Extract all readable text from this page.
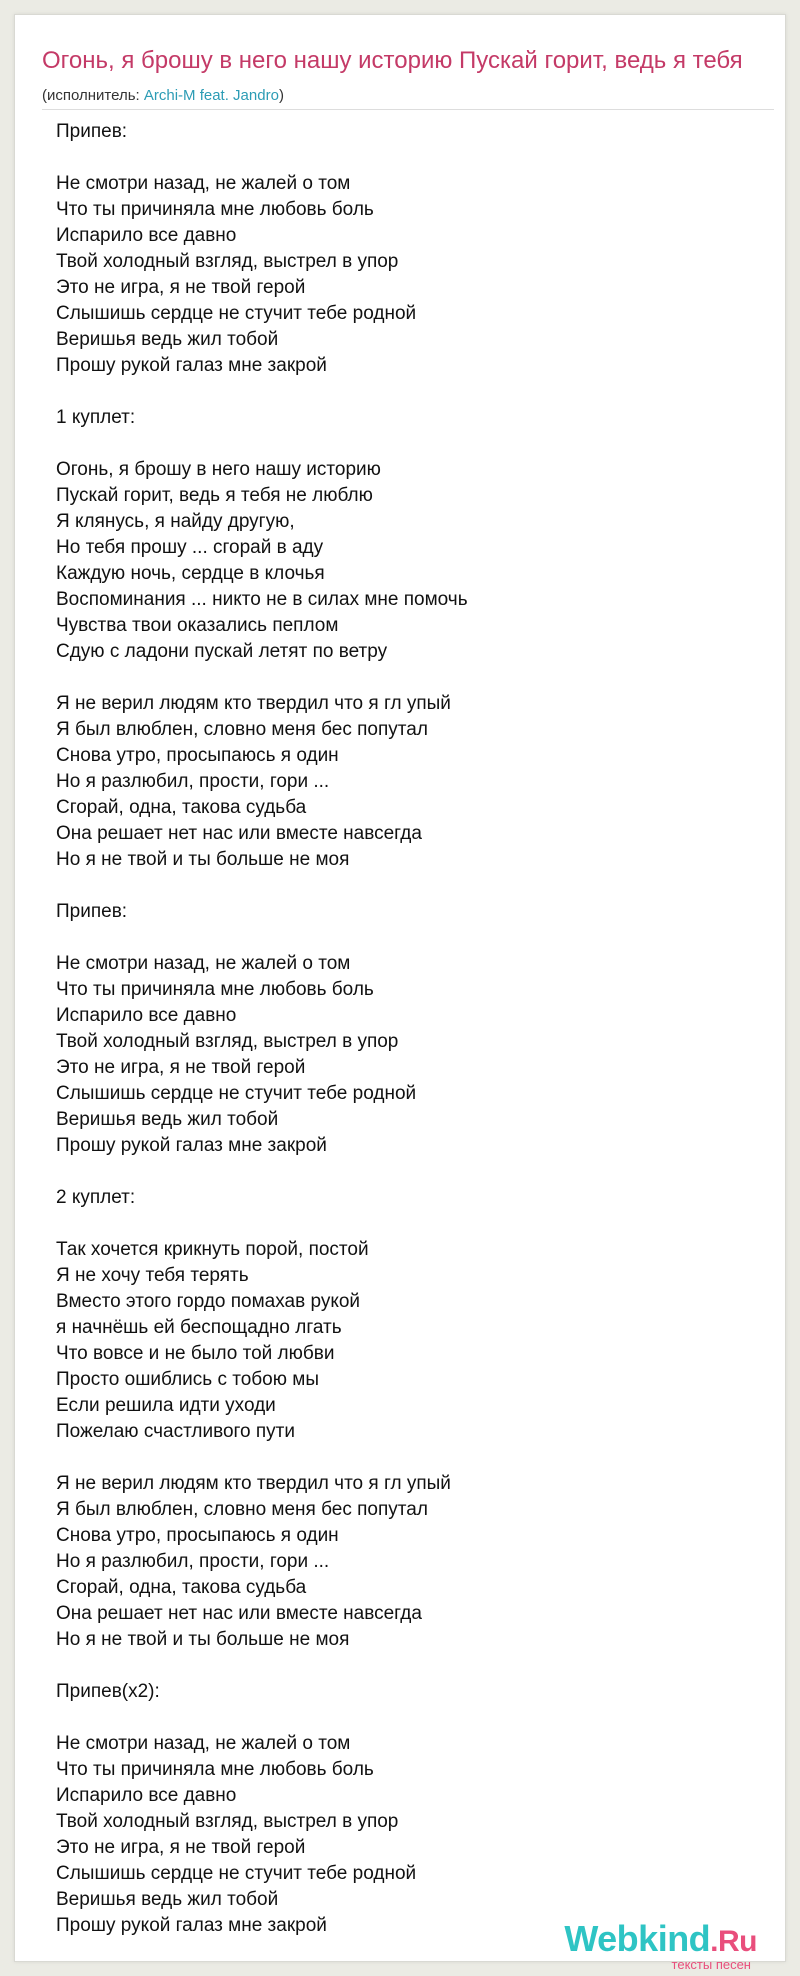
Огонь, я брошу в него нашу историю Пускай горит, ведь я тебя
(исполнитель: Archi-M feat. Jandro)
Припев:
Не смотри назад, не жалей о том
Что ты причиняла мне любовь боль
Испарило все давно
Твой холодный взгляд, выстрел в упор
Это не игра, я не твой герой
Слышишь сердце не стучит тебе родной
Веришья ведь жил тобой
Прошу рукой галаз мне закрой
1 куплет:
Огонь, я брошу в него нашу историю
Пускай горит, ведь я тебя не люблю
Я клянусь, я найду другую,
Но тебя прошу ... сгорай в аду
Каждую ночь, сердце в клочья
Воспоминания ... никто не в силах мне помочь
Чувства твои оказались пеплом
Сдую с ладони пускай летят по ветру
Я не верил людям кто твердил что я гл упый
Я был влюблен, словно меня бес попутал
Снова утро, просыпаюсь я один
Но я разлюбил, прости, гори ...
Сгорай, одна, такова судьба
Она решает нет нас или вместе навсегда
Но я не твой и ты больше не моя
Припев:
Не смотри назад, не жалей о том
Что ты причиняла мне любовь боль
Испарило все давно
Твой холодный взгляд, выстрел в упор
Это не игра, я не твой герой
Слышишь сердце не стучит тебе родной
Веришья ведь жил тобой
Прошу рукой галаз мне закрой
2 куплет:
Так хочется крикнуть порой, постой
Я не хочу тебя терять
Вместо этого гордо помахав рукой
я начнёшь ей беспощадно лгать
Что вовсе и не было той любви
Просто ошиблись с тобою мы
Если решила идти уходи
Пожелаю счастливого пути
Я не верил людям кто твердил что я гл упый
Я был влюблен, словно меня бес попутал
Снова утро, просыпаюсь я один
Но я разлюбил, прости, гори ...
Сгорай, одна, такова судьба
Она решает нет нас или вместе навсегда
Но я не твой и ты больше не моя
Припев(x2):
Не смотри назад, не жалей о том
Что ты причиняла мне любовь боль
Испарило все давно
Твой холодный взгляд, выстрел в упор
Это не игра, я не твой герой
Слышишь сердце не стучит тебе родной
Веришья ведь жил тобой
Прошу рукой галаз мне закрой	Webkind.Ru
тексты песен
